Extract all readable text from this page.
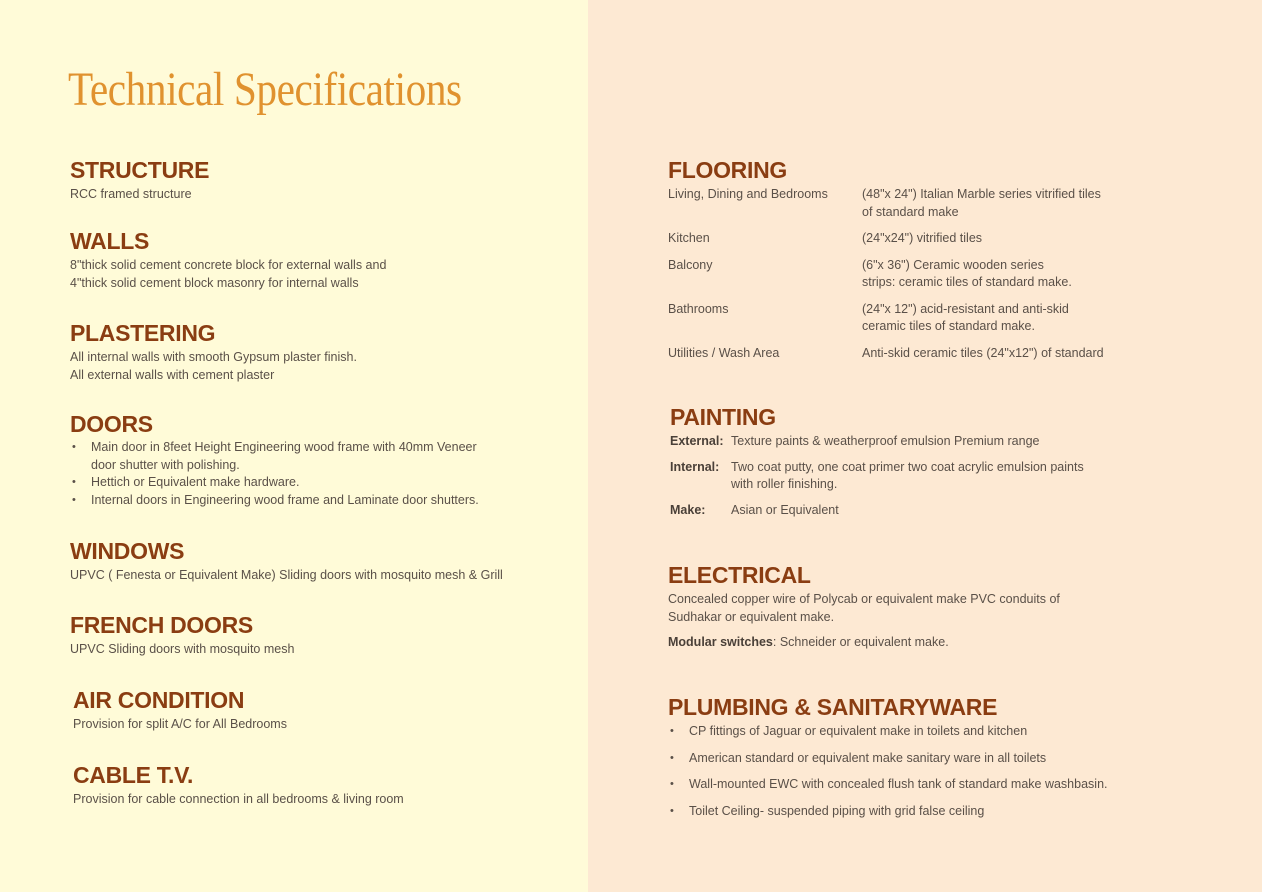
Technical Specifications
STRUCTURE

RCC framed structure

WALLS

8"thick solid cement concrete block for external walls and

4"thick solid cement block masonry for internal walls

PLASTERING

All internal walls with smooth Gypsum plaster finish.

All external walls with cement plaster

DOORS
• Main door in 8feet Height Engineering wood frame with 40mm Veneer
door shutter with polishing.
• Hettich or Equivalent make hardware.
• Internal doors in Engineering wood frame and Laminate door shutters.
WINDOWS

UPVC ( Fenesta or Equivalent Make) Sliding doors with mosquito mesh & Grill

FRENCH DOORS

UPVC Sliding doors with mosquito mesh

AIR CONDITION

Provision for split A/C for All Bedrooms

CABLE T.V.

Provision for cable connection in all bedrooms & living room

FLOORING
Living, Dining and Bedrooms	(48"x 24") Italian Marble series vitrified tiles
of standard make
Kitchen	(24"x24") vitrified tiles
Balcony	(6"x 36") Ceramic wooden series
strips: ceramic tiles of standard make.
Bathrooms	(24"x 12") acid-resistant and anti-skid
ceramic tiles of standard make.
Utilities / Wash Area	Anti-skid ceramic tiles (24"x12") of standard
PAINTING
External: Texture paints & weatherproof emulsion Premium range
Internal: Two coat putty, one coat primer two coat acrylic emulsion paints
with roller finishing.
Make:	Asian or Equivalent
ELECTRICAL

Concealed copper wire of Polycab or equivalent make PVC conduits of

Sudhakar or equivalent make.

Modular switches: Schneider or equivalent make.

PLUMBING & SANITARYWARE
• CP fittings of Jaguar or equivalent make in toilets and kitchen
• American standard or equivalent make sanitary ware in all toilets
• Wall-mounted EWC with concealed flush tank of standard make washbasin.
• Toilet Ceiling- suspended piping with grid false ceiling
